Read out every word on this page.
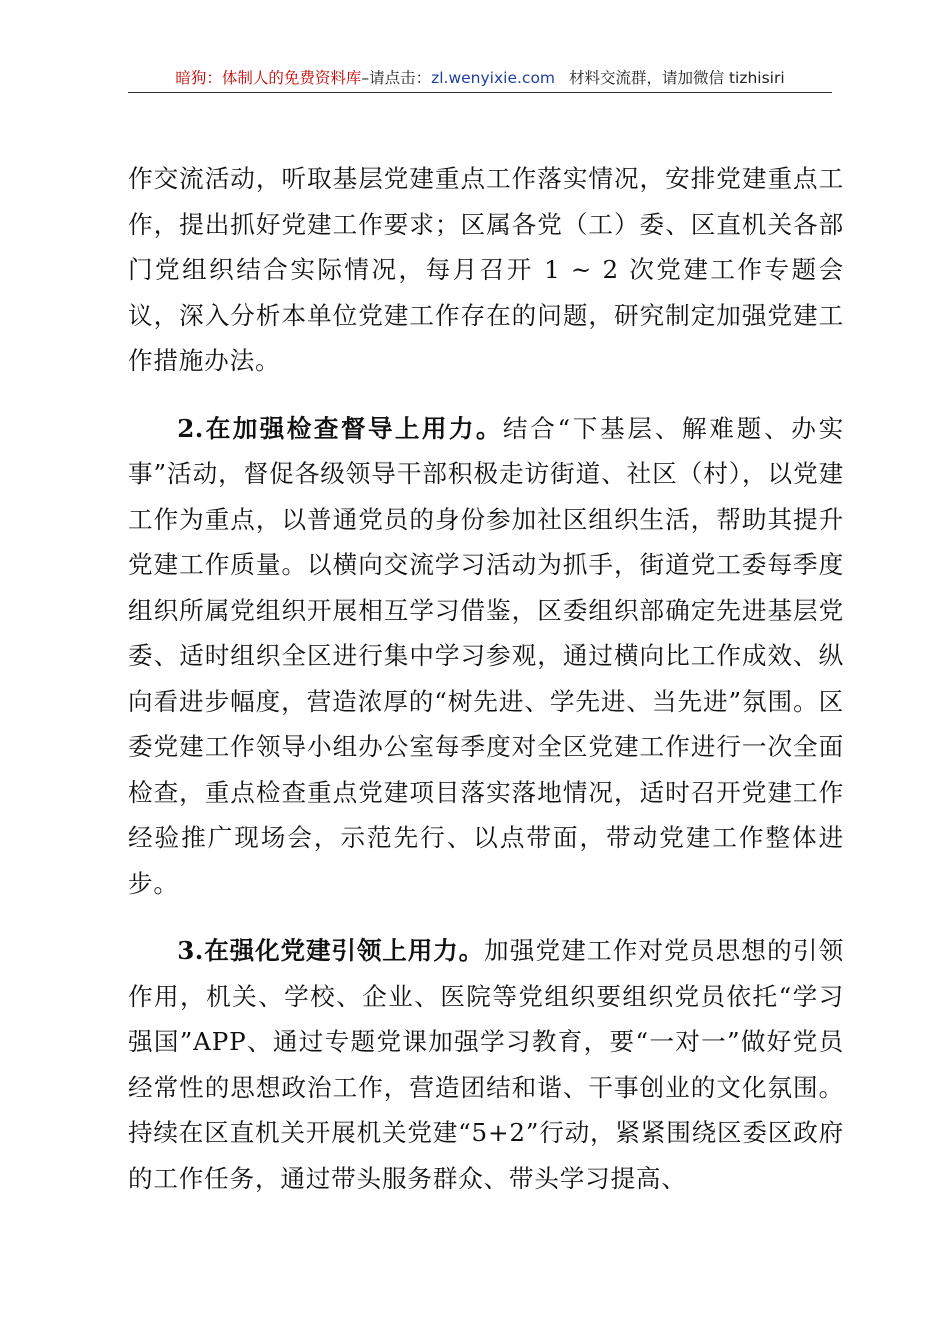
暗狗：体制人的免费资料库–请点击：zl.wenyixie.com 材料交流群，请加微信 tizhisiri

作交流活动，听取基层党建重点工作落实情况，安排党建重点工作，提出抓好党建工作要求；区属各党（工）委、区直机关各部门党组织结合实际情况，每月召开 1 ~ 2 次党建工作专题会议，深入分析本单位党建工作存在的问题，研究制定加强党建工作措施办法。

2.在加强检查督导上用力。结合“下基层、解难题、办实事”活动，督促各级领导干部积极走访街道、社区（村），以党建工作为重点，以普通党员的身份参加社区组织生活，帮助其提升党建工作质量。以横向交流学习活动为抓手，街道党工委每季度组织所属党组织开展相互学习借鉴，区委组织部确定先进基层党委、适时组织全区进行集中学习参观，通过横向比工作成效、纵向看进步幅度，营造浓厚的“树先进、学先进、当先进”氛围。区委党建工作领导小组办公室每季度对全区党建工作进行一次全面检查，重点检查重点党建项目落实落地情况，适时召开党建工作经验推广现场会，示范先行、以点带面，带动党建工作整体进步。

3.在强化党建引领上用力。加强党建工作对党员思想的引领作用，机关、学校、企业、医院等党组织要组织党员依托“学习强国”APP、通过专题党课加强学习教育，要“一对一”做好党员经常性的思想政治工作，营造团结和谐、干事创业的文化氛围。持续在区直机关开展机关党建“5+2”行动，紧紧围绕区委区政府的工作任务，通过带头服务群众、带头学习提高、
